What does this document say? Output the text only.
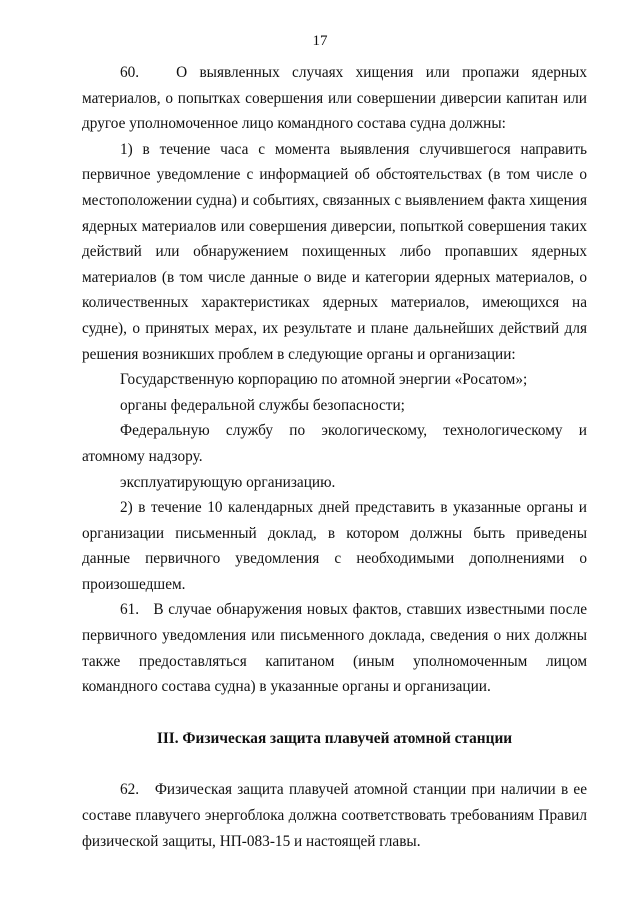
17

60.   О выявленных случаях хищения или пропажи ядерных материалов, о попытках совершения или совершении диверсии капитан или другое уполномоченное лицо командного состава судна должны:

1) в течение часа с момента выявления случившегося направить первичное уведомление с информацией об обстоятельствах (в том числе о местоположении судна) и событиях, связанных с выявлением факта хищения ядерных материалов или совершения диверсии, попыткой совершения таких действий или обнаружением похищенных либо пропавших ядерных материалов (в том числе данные о виде и категории ядерных материалов, о количественных характеристиках ядерных материалов, имеющихся на судне), о принятых мерах, их результате и плане дальнейших действий для решения возникших проблем в следующие органы и организации:

Государственную корпорацию по атомной энергии «Росатом»;

органы федеральной службы безопасности;

Федеральную службу по экологическому, технологическому и атомному надзору.

эксплуатирующую организацию.

2) в течение 10 календарных дней представить в указанные органы и организации письменный доклад, в котором должны быть приведены данные первичного уведомления с необходимыми дополнениями о произошедшем.

61.   В случае обнаружения новых фактов, ставших известными после первичного уведомления или письменного доклада, сведения о них должны также предоставляться капитаном (иным уполномоченным лицом командного состава судна) в указанные органы и организации.

III. Физическая защита плавучей атомной станции

62.   Физическая защита плавучей атомной станции при наличии в ее составе плавучего энергоблока должна соответствовать требованиям Правил физической защиты, НП-083-15 и настоящей главы.
